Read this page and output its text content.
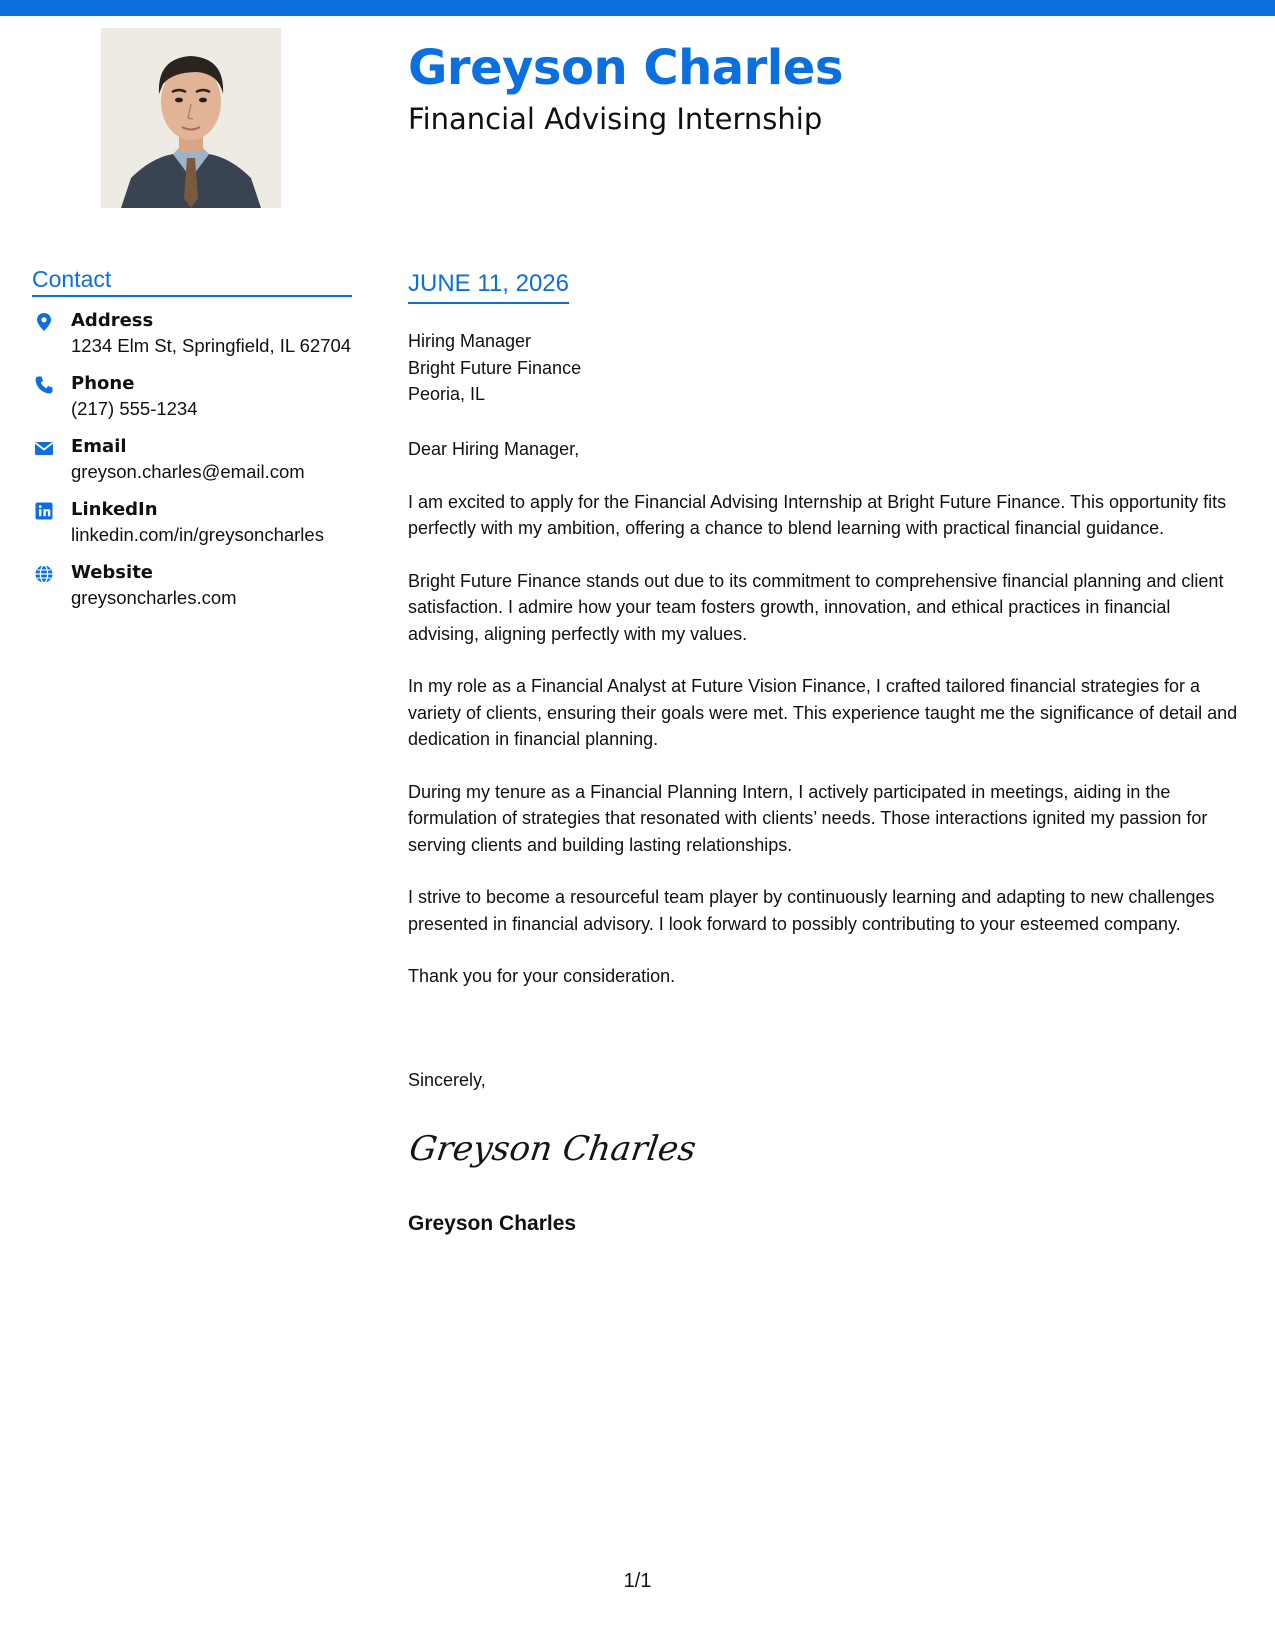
Greyson Charles
Financial Advising Internship
Contact
Address
1234 Elm St, Springfield, IL 62704
Phone
(217) 555-1234
Email
greyson.charles@email.com
LinkedIn
linkedin.com/in/greysoncharles
Website
greysoncharles.com
JUNE 11, 2026
Hiring Manager
Bright Future Finance
Peoria, IL

Dear Hiring Manager,

I am excited to apply for the Financial Advising Internship at Bright Future Finance. This opportunity fits perfectly with my ambition, offering a chance to blend learning with practical financial guidance.

Bright Future Finance stands out due to its commitment to comprehensive financial planning and client satisfaction. I admire how your team fosters growth, innovation, and ethical practices in financial advising, aligning perfectly with my values.

In my role as a Financial Analyst at Future Vision Finance, I crafted tailored financial strategies for a variety of clients, ensuring their goals were met. This experience taught me the significance of detail and dedication in financial planning.

During my tenure as a Financial Planning Intern, I actively participated in meetings, aiding in the formulation of strategies that resonated with clients’ needs. Those interactions ignited my passion for serving clients and building lasting relationships.

I strive to become a resourceful team player by continuously learning and adapting to new challenges presented in financial advisory. I look forward to possibly contributing to your esteemed company.

Thank you for your consideration.

Sincerely,
Greyson Charles
Greyson Charles
1/1
